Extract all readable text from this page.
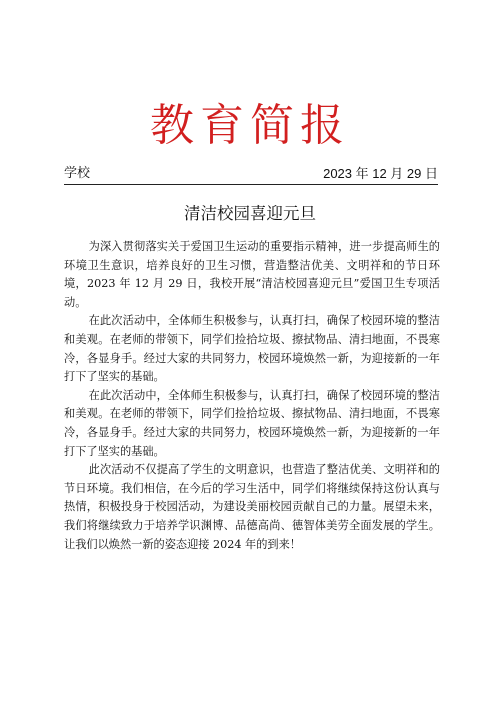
教育简报
学校	2023 年 12 月 29 日
清洁校园喜迎元旦

为深入贯彻落实关于爱国卫生运动的重要指示精神，进一步提高师生的环境卫生意识，培养良好的卫生习惯，营造整洁优美、文明祥和的节日环境，2023 年 12 月 29 日，我校开展“清洁校园喜迎元旦”爱国卫生专项活动。

在此次活动中，全体师生积极参与，认真打扫，确保了校园环境的整洁和美观。在老师的带领下，同学们捡拾垃圾、擦拭物品、清扫地面，不畏寒冷，各显身手。经过大家的共同努力，校园环境焕然一新，为迎接新的一年打下了坚实的基础。

在此次活动中，全体师生积极参与，认真打扫，确保了校园环境的整洁和美观。在老师的带领下，同学们捡拾垃圾、擦拭物品、清扫地面，不畏寒冷，各显身手。经过大家的共同努力，校园环境焕然一新，为迎接新的一年打下了坚实的基础。

此次活动不仅提高了学生的文明意识，也营造了整洁优美、文明祥和的节日环境。我们相信，在今后的学习生活中，同学们将继续保持这份认真与热情，积极投身于校园活动，为建设美丽校园贡献自己的力量。展望未来，我们将继续致力于培养学识渊博、品德高尚、德智体美劳全面发展的学生。让我们以焕然一新的姿态迎接 2024 年的到来！
